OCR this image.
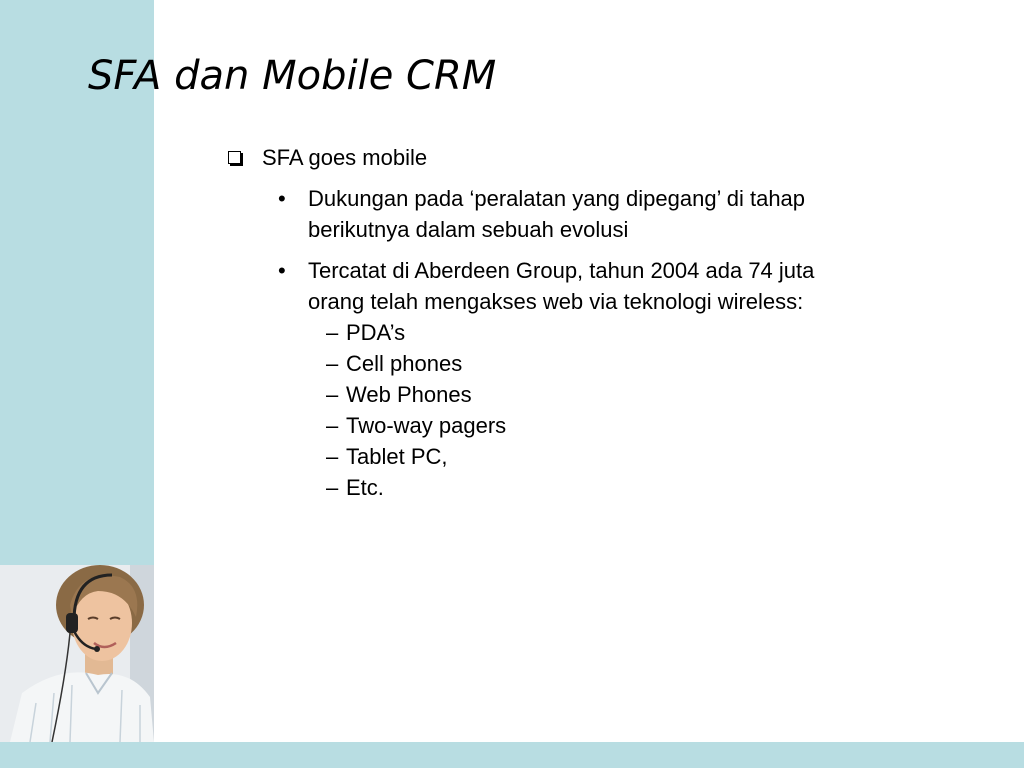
SFA dan Mobile CRM
SFA goes mobile
• Dukungan pada ‘peralatan yang dipegang’ di tahap berikutnya dalam sebuah evolusi
• Tercatat di Aberdeen Group, tahun 2004 ada 74 juta orang telah mengakses web via teknologi wireless:
– PDA’s
– Cell phones
– Web Phones
– Two-way pagers
– Tablet PC,
– Etc.
